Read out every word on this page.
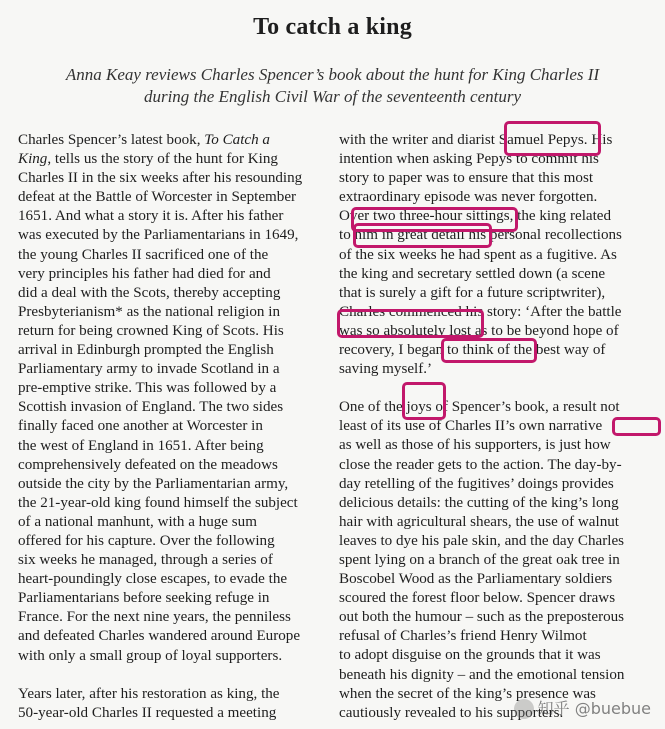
To catch a king
Anna Keay reviews Charles Spencer’s book about the hunt for King Charles II
during the English Civil War of the seventeenth century
Charles Spencer’s latest book, To Catch a
King, tells us the story of the hunt for King
Charles II in the six weeks after his resounding
defeat at the Battle of Worcester in September
1651. And what a story it is. After his father
was executed by the Parliamentarians in 1649,
the young Charles II sacrificed one of the
very principles his father had died for and
did a deal with the Scots, thereby accepting
Presbyterianism* as the national religion in
return for being crowned King of Scots. His
arrival in Edinburgh prompted the English
Parliamentary army to invade Scotland in a
pre-emptive strike. This was followed by a
Scottish invasion of England. The two sides
finally faced one another at Worcester in
the west of England in 1651. After being
comprehensively defeated on the meadows
outside the city by the Parliamentarian army,
the 21-year-old king found himself the subject
of a national manhunt, with a huge sum
offered for his capture. Over the following
six weeks he managed, through a series of
heart-poundingly close escapes, to evade the
Parliamentarians before seeking refuge in
France. For the next nine years, the penniless
and defeated Charles wandered around Europe
with only a small group of loyal supporters.
Years later, after his restoration as king, the
50-year-old Charles II requested a meeting
with the writer and diarist Samuel Pepys. His
intention when asking Pepys to commit his
story to paper was to ensure that this most
extraordinary episode was never forgotten.
Over two three-hour sittings, the king related
to him in great detail his personal recollections
of the six weeks he had spent as a fugitive. As
the king and secretary settled down (a scene
that is surely a gift for a future scriptwriter),
Charles commenced his story: ‘After the battle
was so absolutely lost as to be beyond hope of
recovery, I began to think of the best way of
saving myself.’
One of the joys of Spencer’s book, a result not
least of its use of Charles II’s own narrative
as well as those of his supporters, is just how
close the reader gets to the action. The day-by-
day retelling of the fugitives’ doings provides
delicious details: the cutting of the king’s long
hair with agricultural shears, the use of walnut
leaves to dye his pale skin, and the day Charles
spent lying on a branch of the great oak tree in
Boscobel Wood as the Parliamentary soldiers
scoured the forest floor below. Spencer draws
out both the humour – such as the preposterous
refusal of Charles’s friend Henry Wilmot
to adopt disguise on the grounds that it was
beneath his dignity – and the emotional tension
when the secret of the king’s presence was
cautiously revealed to his supporters.
知乎 @buebue
